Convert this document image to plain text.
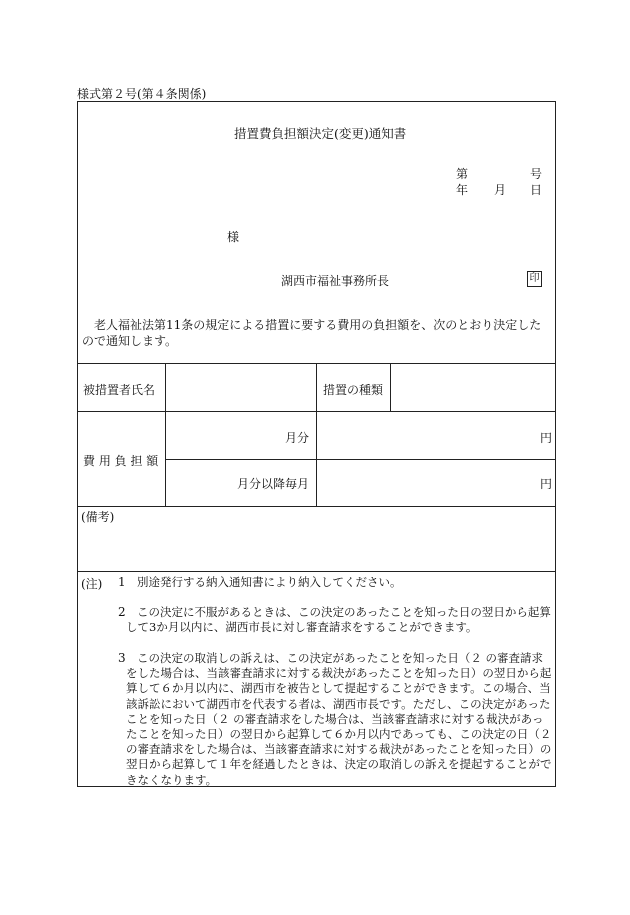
様式第２号(第４条関係)
措置費負担額決定(変更)通知書
第	号
年 月 日
様
湖西市福祉事務所長	印
老人福祉法第11条の規定による措置に要する費用の負担額を、次のとおり決定したので通知します。
被措置者氏名	措置の種類
費 用 負 担 額
月分	円
月分以降毎月	円
(備考)
(注) 1 別途発行する納入通知書により納入してください。
2 この決定に不服があるときは、この決定のあったことを知った日の翌日から起算して3か月以内に、湖西市長に対し審査請求をすることができます。
3 この決定の取消しの訴えは、この決定があったことを知った日（２ の審査請求をした場合は、当該審査請求に対する裁決があったことを知った日）の翌日から起算して６か月以内に、湖西市を被告として提起することができます。この場合、当該訴訟において湖西市を代表する者は、湖西市長です。ただし、この決定があったことを知った日（２ の審査請求をした場合は、当該審査請求に対する裁決があったことを知った日）の翌日から起算して６か月以内であっても、この決定の日（２ の審査請求をした場合は、当該審査請求に対する裁決があったことを知った日）の翌日から起算して１年を経過したときは、決定の取消しの訴えを提起することができなくなります。
